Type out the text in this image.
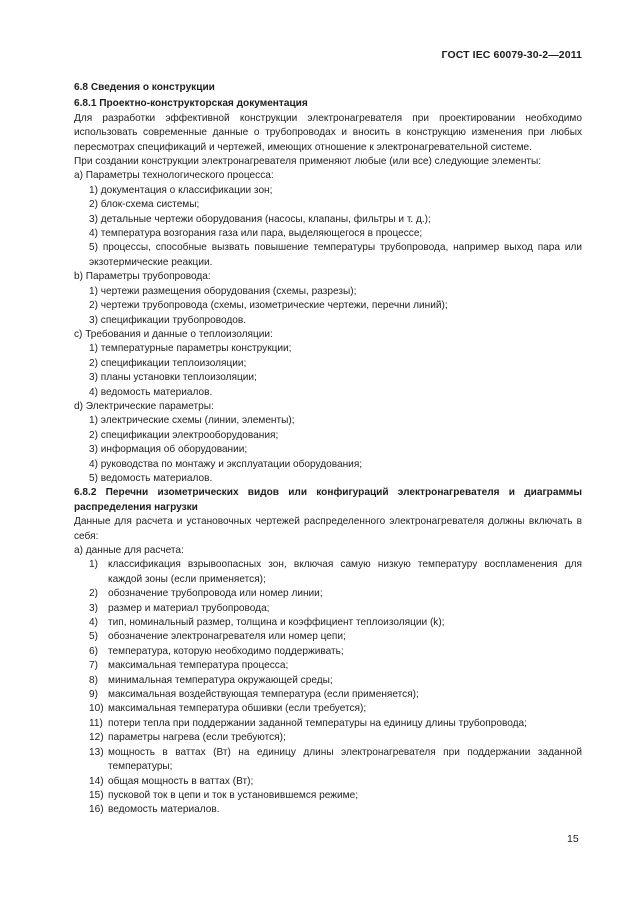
ГОСТ IEC 60079-30-2—2011

6.8 Сведения о конструкции

6.8.1 Проектно-конструкторская документация

Для разработки эффективной конструкции электронагревателя при проектировании необходимо использовать современные данные о трубопроводах и вносить в конструкцию изменения при любых пересмотрах спецификаций и чертежей, имеющих отношение к электронагревательной системе.

При создании конструкции электронагревателя применяют любые (или все) следующие элементы:

а) Параметры технологического процесса:
1) документация о классификации зон;
2) блок-схема системы;
3) детальные чертежи оборудования (насосы, клапаны, фильтры и т. д.);
4) температура возгорания газа или пара, выделяющегося в процессе;
5) процессы, способные вызвать повышение температуры трубопровода, например выход пара или экзотермические реакции.
b) Параметры трубопровода:
1) чертежи размещения оборудования (схемы, разрезы);
2) чертежи трубопровода (схемы, изометрические чертежи, перечни линий);
3) спецификации трубопроводов.
с) Требования и данные о теплоизоляции:
1) температурные параметры конструкции;
2) спецификации теплоизоляции;
3) планы установки теплоизоляции;
4) ведомость материалов.
d) Электрические параметры:
1) электрические схемы (линии, элементы);
2) спецификации электрооборудования;
3) информация об оборудовании;
4) руководства по монтажу и эксплуатации оборудования;
5) ведомость материалов.

6.8.2 Перечни изометрических видов или конфигураций электронагревателя и диаграммы распределения нагрузки

Данные для расчета и установочных чертежей распределенного электронагревателя должны включать в себя:

а) данные для расчета:
1) классификация взрывоопасных зон, включая самую низкую температуру воспламенения для каждой зоны (если применяется);
2) обозначение трубопровода или номер линии;
3) размер и материал трубопровода;
4) тип, номинальный размер, толщина и коэффициент теплоизоляции (k);
5) обозначение электронагревателя или номер цепи;
6) температура, которую необходимо поддерживать;
7) максимальная температура процесса;
8) минимальная температура окружающей среды;
9) максимальная воздействующая температура (если применяется);
10) максимальная температура обшивки (если требуется);
11) потери тепла при поддержании заданной температуры на единицу длины трубопровода;
12) параметры нагрева (если требуются);
13) мощность в ваттах (Вт) на единицу длины электронагревателя при поддержании заданной температуры;
14) общая мощность в ваттах (Вт);
15) пусковой ток в цепи и ток в установившемся режиме;
16) ведомость материалов.
15
